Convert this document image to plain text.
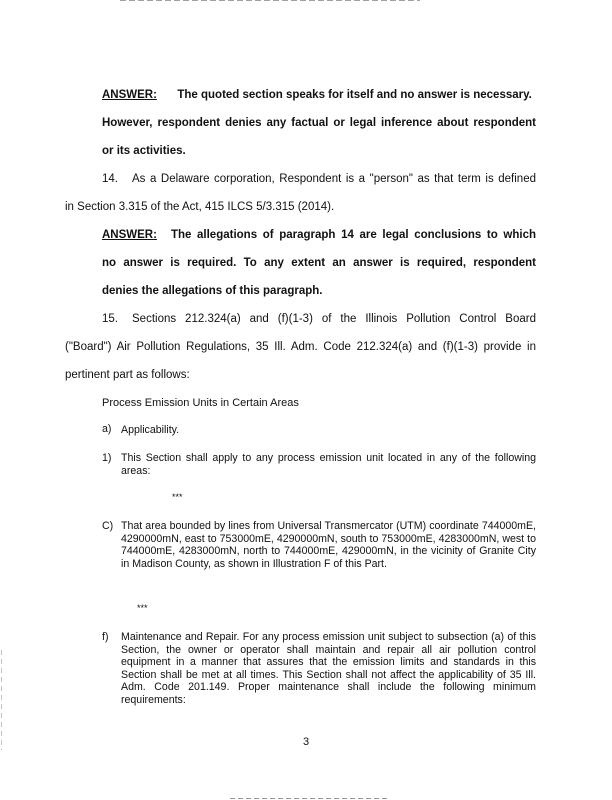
ANSWER: The quoted section speaks for itself and no answer is necessary.
However, respondent denies any factual or legal inference about respondent
or its activities.
14. As a Delaware corporation, Respondent is a "person" as that term is defined
in Section 3.315 of the Act, 415 ILCS 5/3.315 (2014).
ANSWER: The allegations of paragraph 14 are legal conclusions to which
no answer is required. To any extent an answer is required, respondent
denies the allegations of this paragraph.
15. Sections 212.324(a) and (f)(1-3) of the Illinois Pollution Control Board
("Board") Air Pollution Regulations, 35 Ill. Adm. Code 212.324(a) and (f)(1-3) provide in
pertinent part as follows:
Process Emission Units in Certain Areas
a) Applicability.
1) This Section shall apply to any process emission unit located in any of the following areas:
***
C) That area bounded by lines from Universal Transmercator (UTM) coordinate 744000mE, 4290000mN, east to 753000mE, 4290000mN, south to 753000mE, 4283000mN, west to 744000mE, 4283000mN, north to 744000mE, 429000mN, in the vicinity of Granite City in Madison County, as shown in Illustration F of this Part.
***
f) Maintenance and Repair. For any process emission unit subject to subsection (a) of this Section, the owner or operator shall maintain and repair all air pollution control equipment in a manner that assures that the emission limits and standards in this Section shall be met at all times. This Section shall not affect the applicability of 35 Ill. Adm. Code 201.149. Proper maintenance shall include the following minimum requirements:
3
